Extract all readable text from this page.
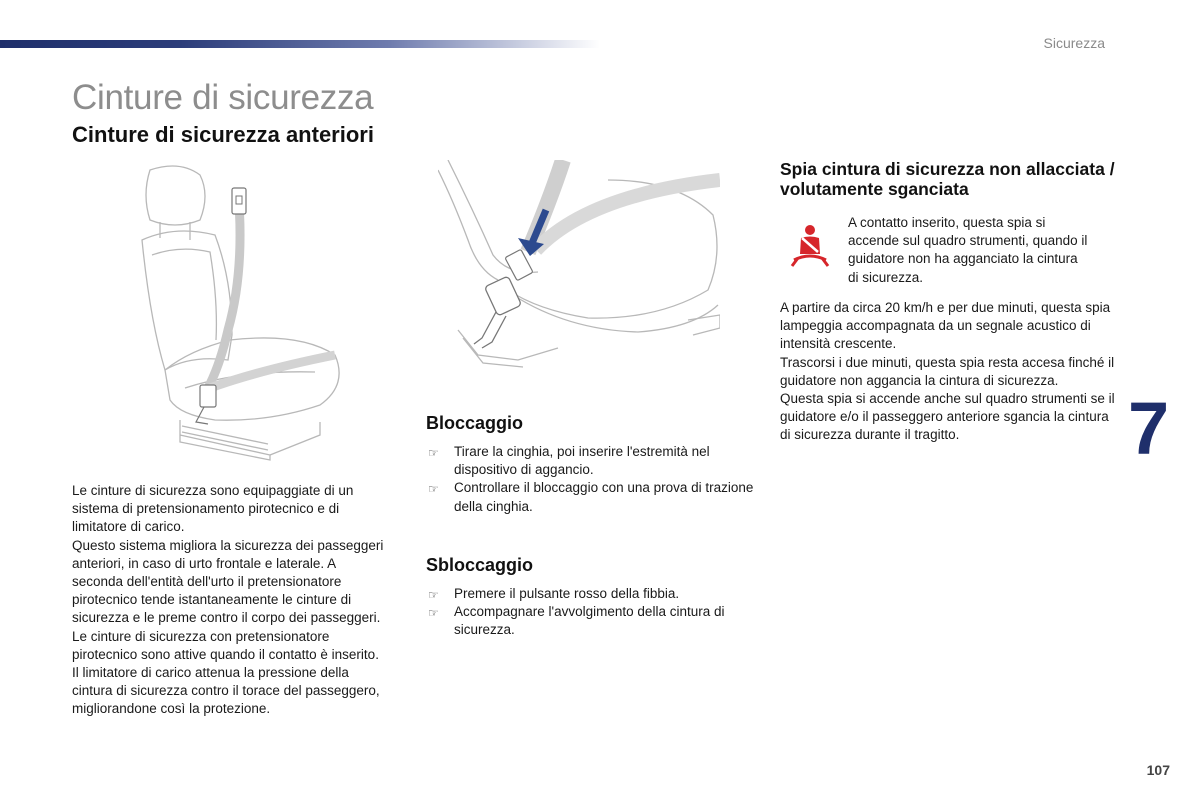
Sicurezza
Cinture di sicurezza
Cinture di sicurezza anteriori

Le cinture di sicurezza sono equipaggiate di un sistema di pretensionamento pirotecnico e di limitatore di carico.

Questo sistema migliora la sicurezza dei passeggeri anteriori, in caso di urto frontale e laterale. A seconda dell'entità dell'urto il pretensionatore pirotecnico tende istantaneamente le cinture di sicurezza e le preme contro il corpo dei passeggeri.

Le cinture di sicurezza con pretensionatore pirotecnico sono attive quando il contatto è inserito.

Il limitatore di carico attenua la pressione della cintura di sicurezza contro il torace del passeggero, migliorandone così la protezione.

Bloccaggio
☞ Tirare la cinghia, poi inserire l'estremità nel dispositivo di aggancio.
☞ Controllare il bloccaggio con una prova di trazione della cinghia.
Sbloccaggio
☞ Premere il pulsante rosso della fibbia.
☞ Accompagnare l'avvolgimento della cintura di sicurezza.
Spia cintura di sicurezza non allacciata / volutamente sganciata
A contatto inserito, questa spia si accende sul quadro strumenti, quando il guidatore non ha agganciato la cintura di sicurezza.

A partire da circa 20 km/h e per due minuti, questa spia lampeggia accompagnata da un segnale acustico di intensità crescente.

Trascorsi i due minuti, questa spia resta accesa finché il guidatore non aggancia la cintura di sicurezza.

Questa spia si accende anche sul quadro strumenti se il guidatore e/o il passeggero anteriore sgancia la cintura di sicurezza durante il tragitto.	7
107
